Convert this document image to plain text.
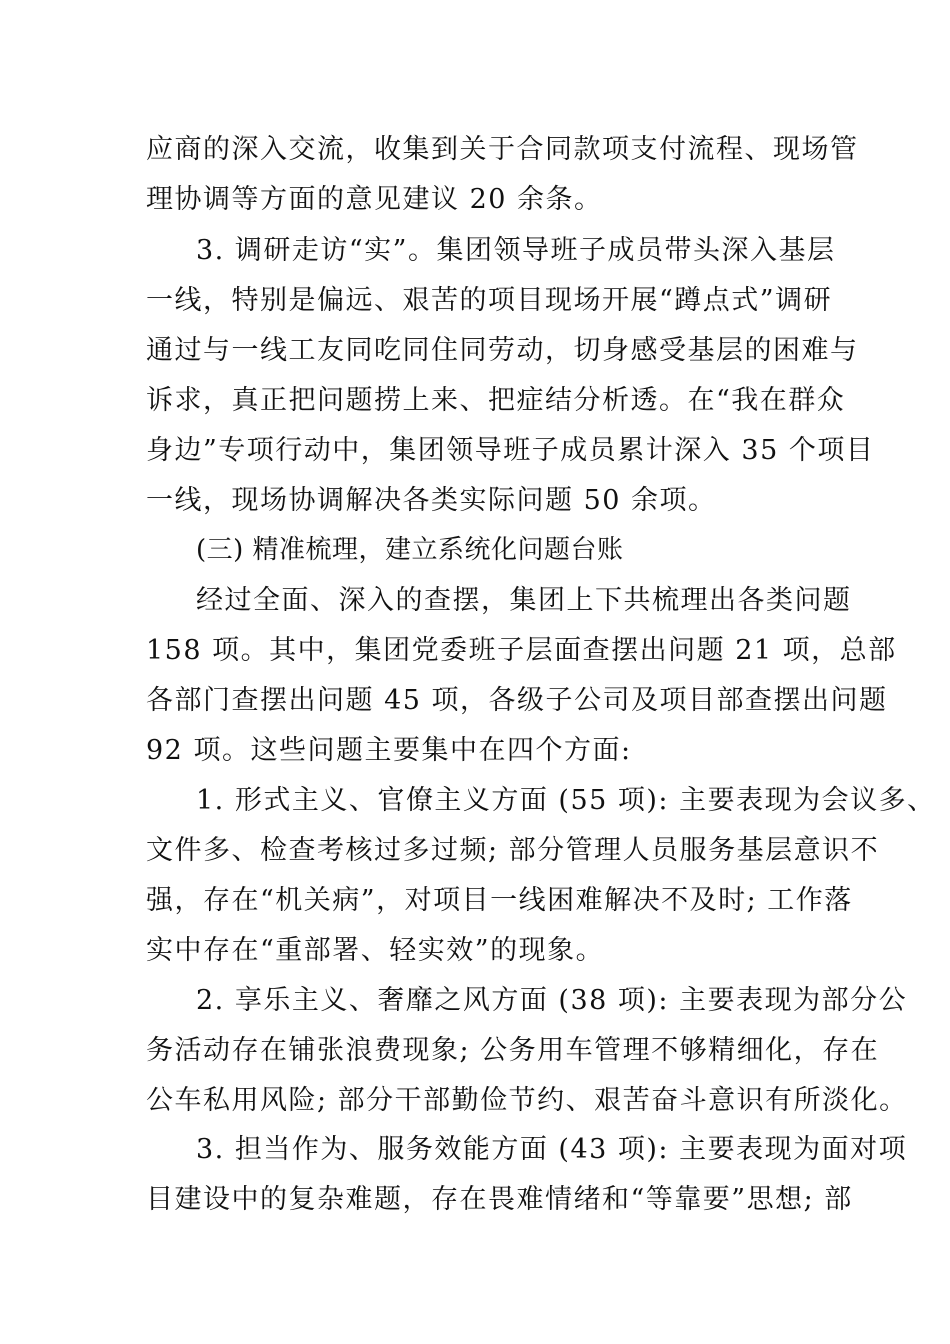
应商的深入交流，收集到关于合同款项支付流程、现场管
理协调等方面的意见建议 20 余条。
3. 调研走访“实”。集团领导班子成员带头深入基层
一线，特别是偏远、艰苦的项目现场开展“蹲点式”调研
通过与一线工友同吃同住同劳动，切身感受基层的困难与
诉求，真正把问题捞上来、把症结分析透。在“我在群众
身边”专项行动中，集团领导班子成员累计深入 35 个项目
一线，现场协调解决各类实际问题 50 余项。
(三) 精准梳理，建立系统化问题台账
经过全面、深入的查摆，集团上下共梳理出各类问题
158 项。其中，集团党委班子层面查摆出问题 21 项，总部
各部门查摆出问题 45 项，各级子公司及项目部查摆出问题
92 项。这些问题主要集中在四个方面:
1. 形式主义、官僚主义方面 (55 项): 主要表现为会议多、
文件多、检查考核过多过频; 部分管理人员服务基层意识不
强，存在“机关病”，对项目一线困难解决不及时; 工作落
实中存在“重部署、轻实效”的现象。
2. 享乐主义、奢靡之风方面 (38 项): 主要表现为部分公
务活动存在铺张浪费现象; 公务用车管理不够精细化，存在
公车私用风险; 部分干部勤俭节约、艰苦奋斗意识有所淡化。
3. 担当作为、服务效能方面 (43 项): 主要表现为面对项
目建设中的复杂难题，存在畏难情绪和“等靠要”思想; 部
